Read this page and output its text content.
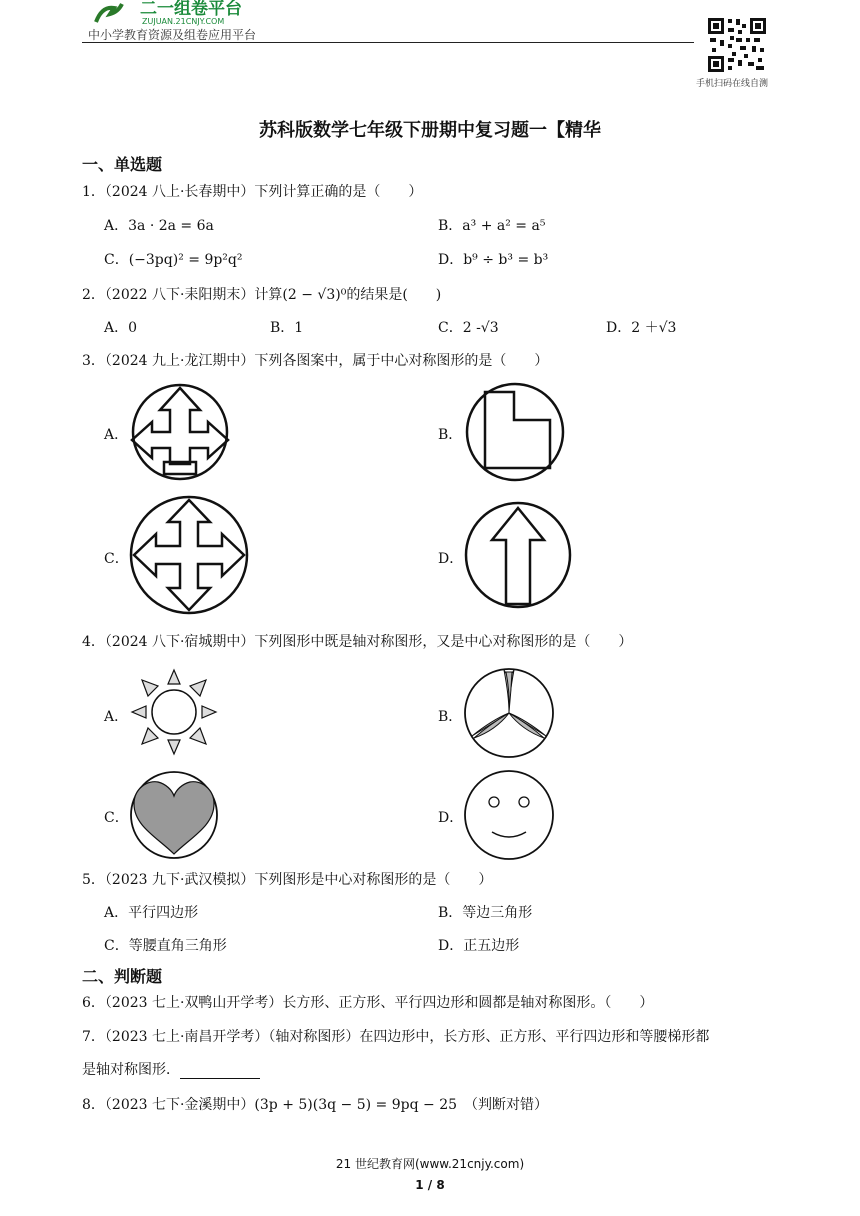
二一组卷平台
ZUJUAN.21CNJY.COM
中小学教育资源及组卷应用平台
手机扫码在线自测
苏科版数学七年级下册期中复习题一【精华
一、单选题
1．（2024 八上·长春期中）下列计算正确的是（　　）
A．3a · 2a = 6a	B．a³ + a² = a⁵
C．(−3pq)² = 9p²q²	D．b⁹ ÷ b³ = b³
2．（2022 八下·耒阳期末）计算(2 − √3)⁰的结果是(　　)
A．0	B．1	C．2 -√3	D．2 ＋√3
3．（2024 九上·龙江期中）下列各图案中，属于中心对称图形的是（　　）
A．	B．
C．	D．
4．（2024 八下·宿城期中）下列图形中既是轴对称图形，又是中心对称图形的是（　　）
A．	B．
C．	D．
5．（2023 九下·武汉模拟）下列图形是中心对称图形的是（　　）
A．平行四边形	B．等边三角形
C．等腰直角三角形	D．正五边形
二、判断题
6．（2023 七上·双鸭山开学考）长方形、正方形、平行四边形和圆都是轴对称图形。（　　）
7．（2023 七上·南昌开学考）（轴对称图形）在四边形中，长方形、正方形、平行四边形和等腰梯形都
是轴对称图形．
8．（2023 七下·金溪期中）(3p + 5)(3q − 5) = 9pq − 25　（判断对错）
21 世纪教育网(www.21cnjy.com)
1 / 8
